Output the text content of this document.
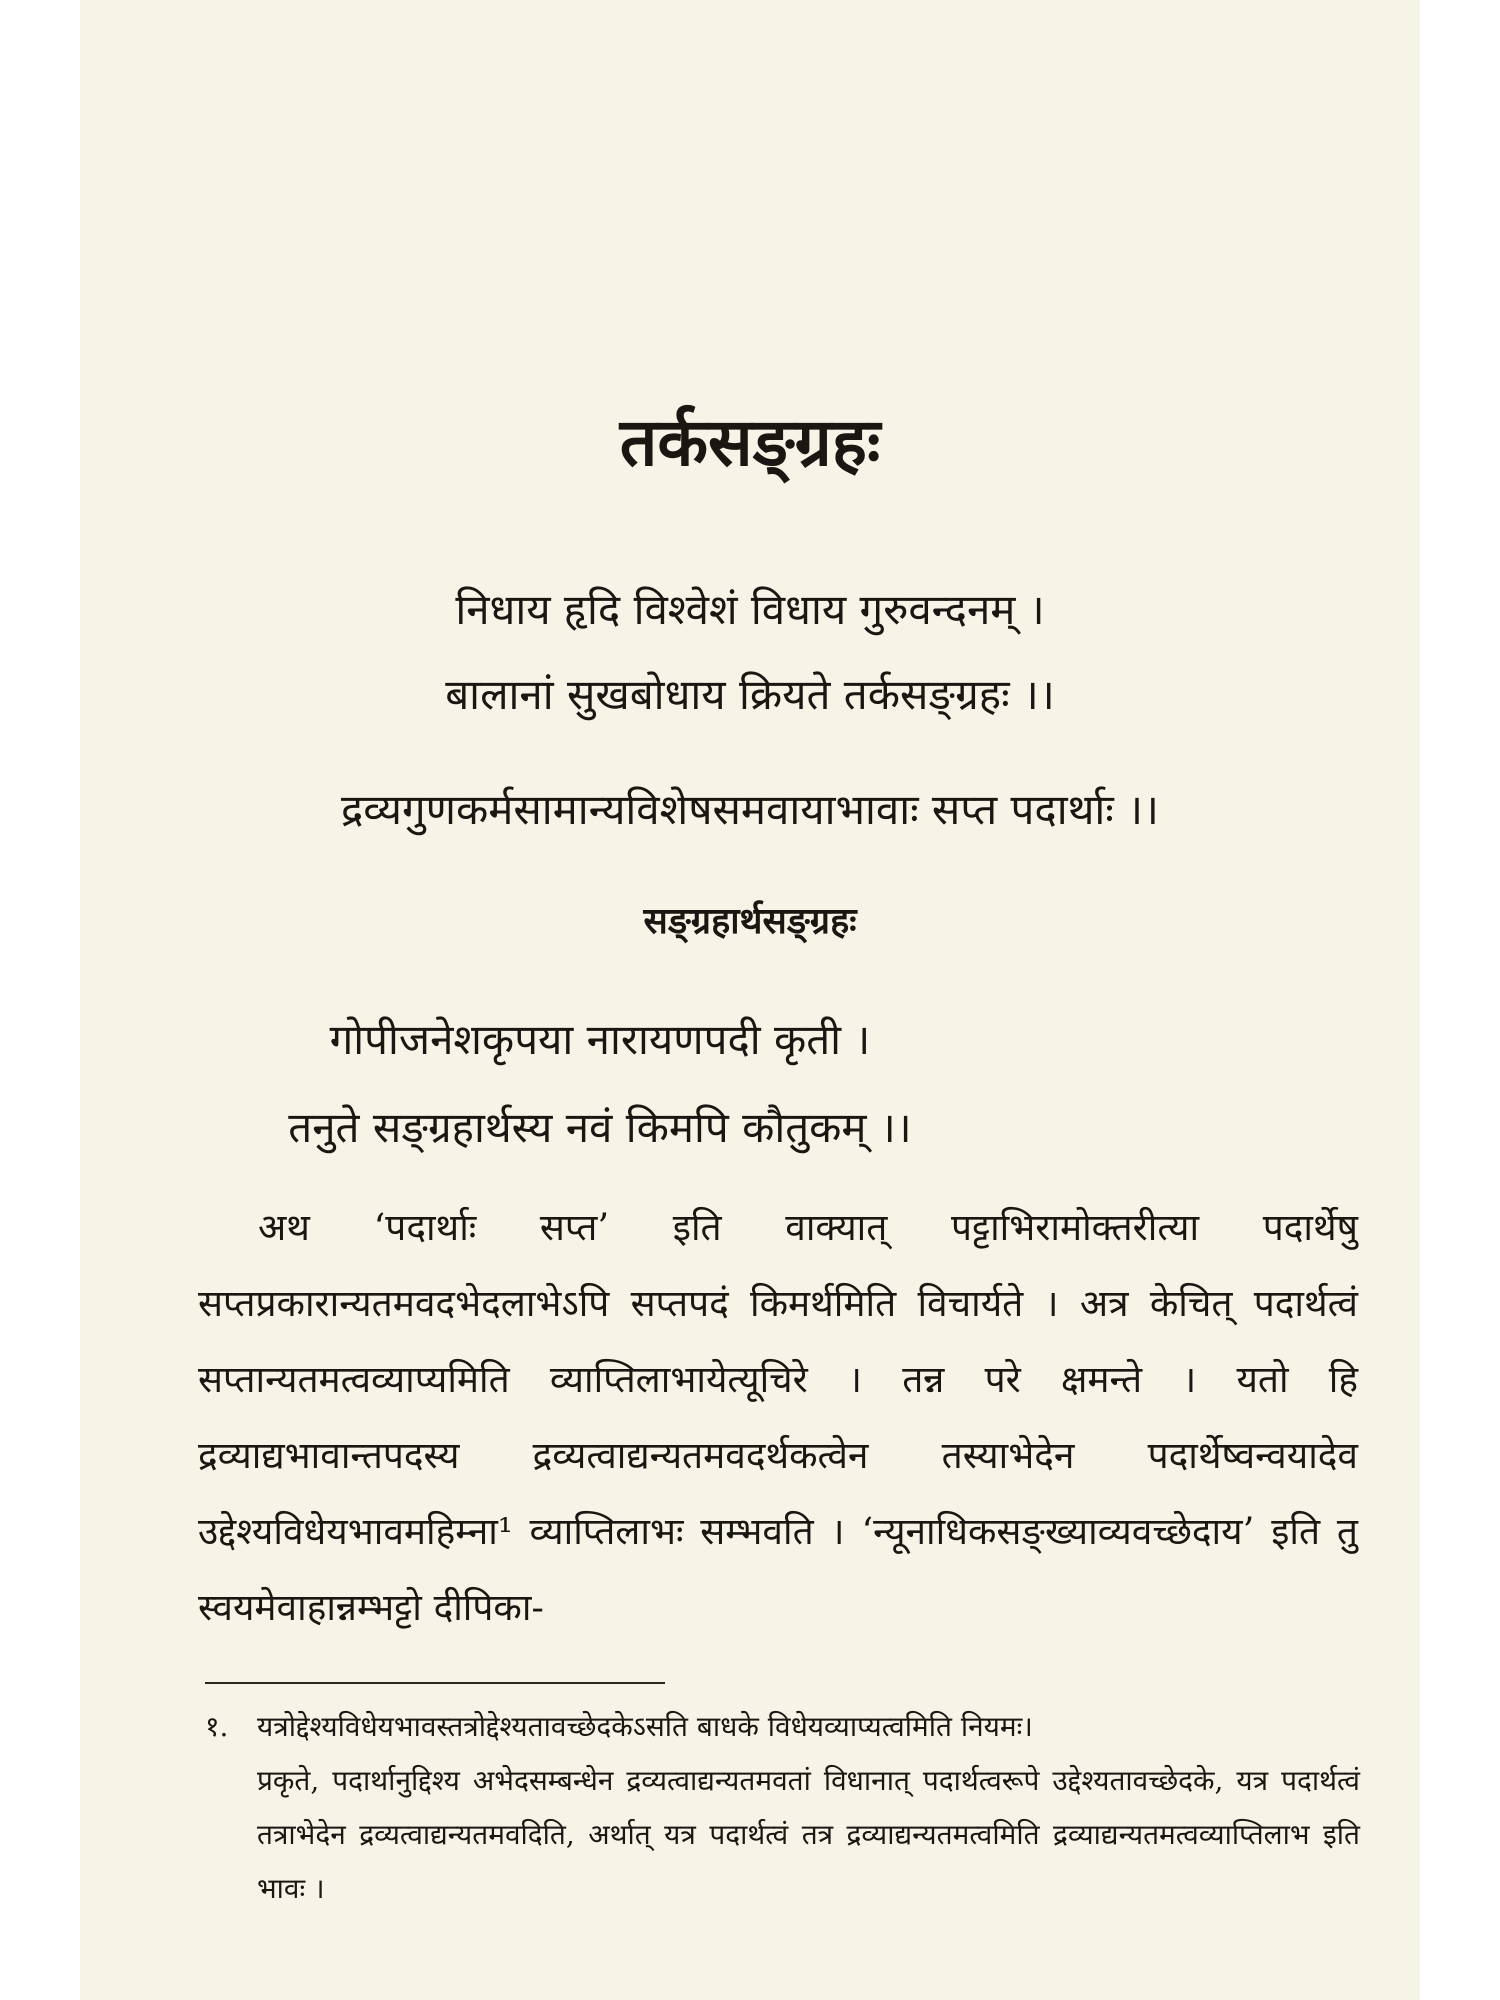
तर्कसङ्ग्रहः
निधाय हृदि विश्वेशं विधाय गुरुवन्दनम् ।
बालानां सुखबोधाय क्रियते तर्कसङ्ग्रहः ।।
द्रव्यगुणकर्मसामान्यविशेषसमवायाभावाः सप्त पदार्थाः ।।
सङ्ग्रहार्थसङ्ग्रहः
गोपीजनेशकृपया नारायणपदी कृती ।
तनुते सङ्ग्रहार्थस्य नवं किमपि कौतुकम् ।।
अथ ‘पदार्थाः सप्त’ इति वाक्यात् पट्टाभिरामोक्तरीत्या पदार्थेषु सप्तप्रकारान्यतमवदभेदलाभेऽपि सप्तपदं किमर्थमिति विचार्यते । अत्र केचित् पदार्थत्वं सप्तान्यतमत्वव्याप्यमिति व्याप्तिलाभायेत्यूचिरे । तन्न परे क्षमन्ते । यतो हि द्रव्याद्यभावान्तपदस्य द्रव्यत्वाद्यन्यतमवदर्थकत्वेन तस्याभेदेन पदार्थेष्वन्वयादेव उद्देश्यविधेयभावमहिम्ना¹ व्याप्तिलाभः सम्भवति । ‘न्यूनाधिकसङ्ख्याव्यवच्छेदाय’ इति तु स्वयमेवाहान्नम्भट्टो दीपिका-
१. यत्रोद्देश्यविधेयभावस्तत्रोद्देश्यतावच्छेदकेऽसति बाधके विधेयव्याप्यत्वमिति नियमः।
प्रकृते, पदार्थानुद्दिश्य अभेदसम्बन्धेन द्रव्यत्वाद्यन्यतमवतां विधानात् पदार्थत्वरूपे उद्देश्यतावच्छेदके, यत्र पदार्थत्वं तत्राभेदेन द्रव्यत्वाद्यन्यतमवदिति, अर्थात् यत्र पदार्थत्वं तत्र द्रव्याद्यन्यतमत्वमिति द्रव्याद्यन्यतमत्वव्याप्तिलाभ इति भावः ।
